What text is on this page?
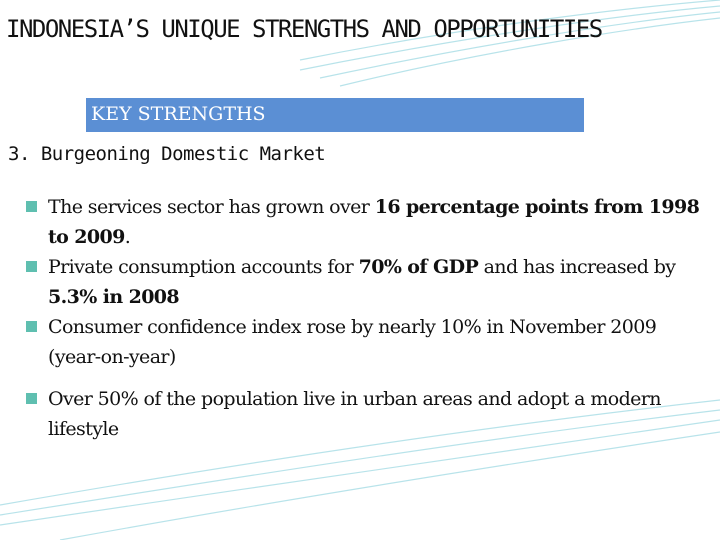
INDONESIA’S UNIQUE STRENGTHS AND OPPORTUNITIES
KEY STRENGTHS
3. Burgeoning Domestic Market
The services sector has grown over 16 percentage points from 1998 to 2009.
Private consumption accounts for 70% of GDP and has increased by 5.3% in 2008
Consumer confidence index rose by nearly 10% in November 2009 (year-on-year)
Over 50% of the population live in urban areas and adopt a modern lifestyle
